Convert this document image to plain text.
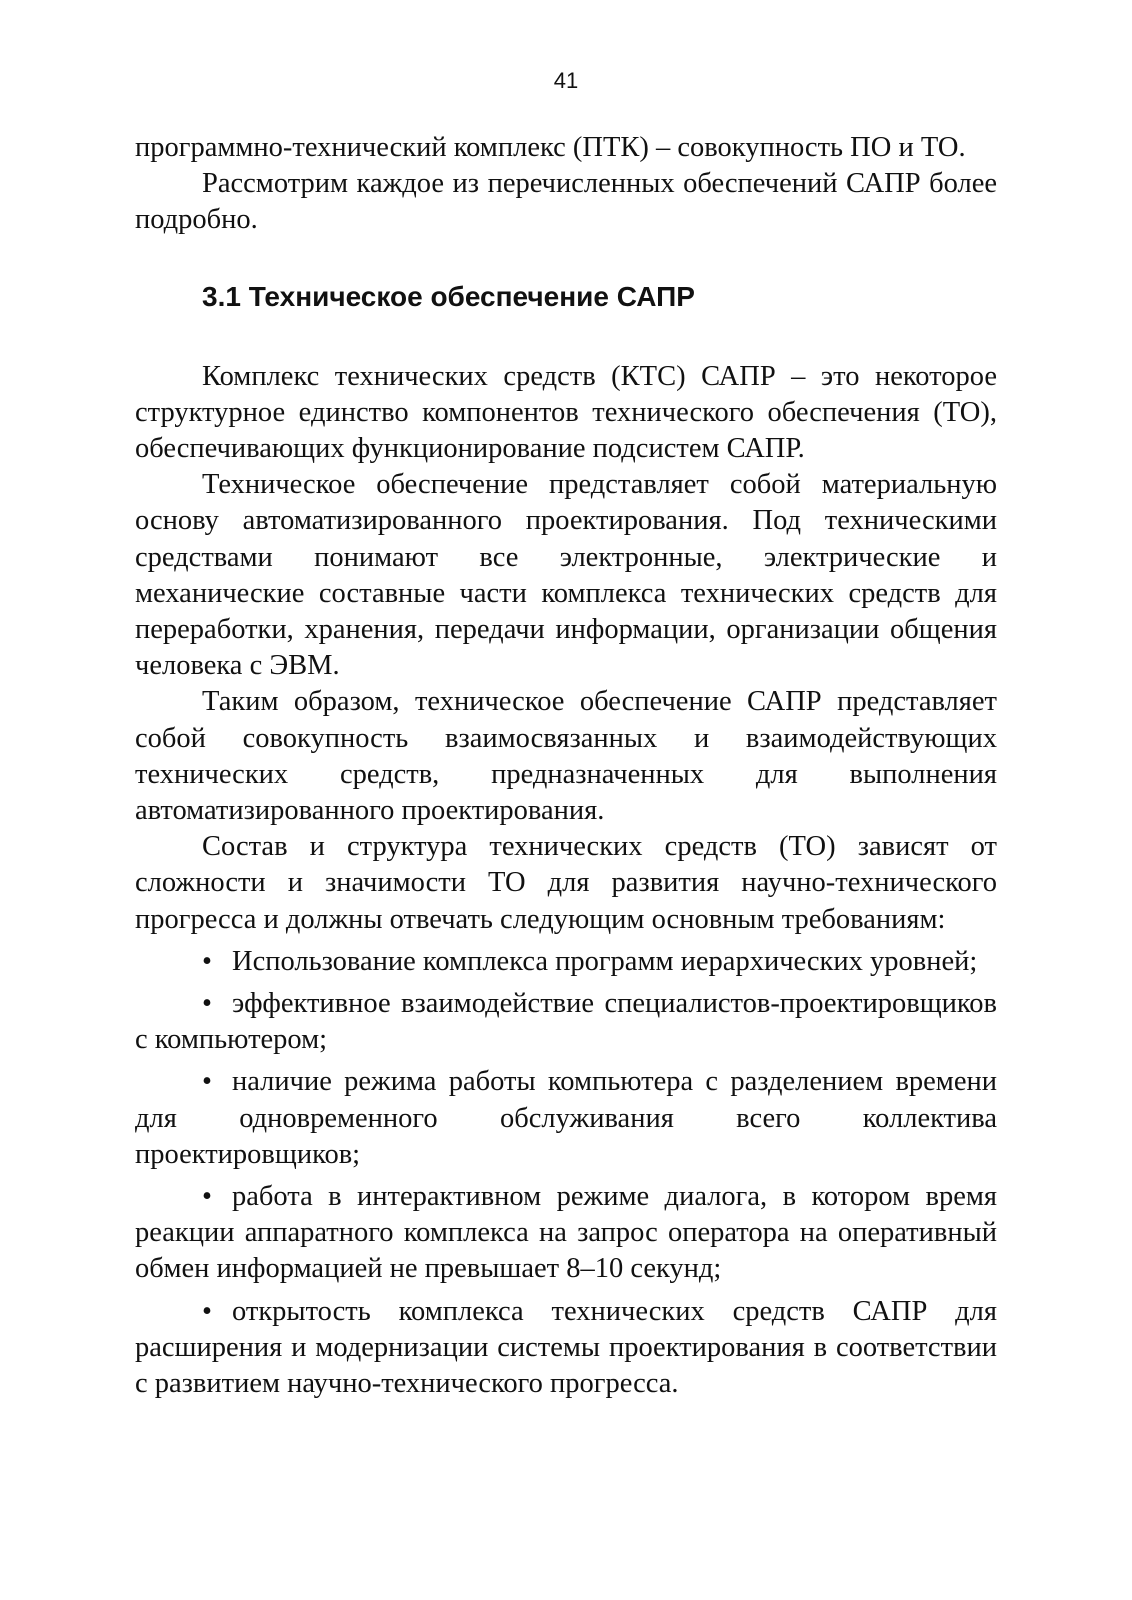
41

программно-технический комплекс (ПТК) – совокупность ПО и ТО.

Рассмотрим каждое из перечисленных обеспечений САПР более подробно.

3.1 Техническое обеспечение САПР

Комплекс технических средств (КТС) САПР – это некоторое структурное единство компонентов технического обеспечения (ТО), обеспечивающих функционирование подсистем САПР.

Техническое обеспечение представляет собой материальную основу автоматизированного проектирования. Под техническими средствами понимают все электронные, электрические и механические составные части комплекса технических средств для переработки, хранения, передачи информации, организации общения человека с ЭВМ.

Таким образом, техническое обеспечение САПР представляет собой совокупность взаимосвязанных и взаимодействующих технических средств, предназначенных для выполнения автоматизированного проектирования.

Состав и структура технических средств (ТО) зависят от сложности и значимости ТО для развития научно-технического прогресса и должны отвечать следующим основным требованиям:

• Использование комплекса программ иерархических уровней;
• эффективное взаимодействие специалистов-проектировщиков с компьютером;
• наличие режима работы компьютера с разделением времени для одновременного обслуживания всего коллектива проектировщиков;
• работа в интерактивном режиме диалога, в котором время реакции аппаратного комплекса на запрос оператора на оперативный обмен информацией не превышает 8–10 секунд;
• открытость комплекса технических средств САПР для расширения и модернизации системы проектирования в соответствии с развитием научно-технического прогресса.
